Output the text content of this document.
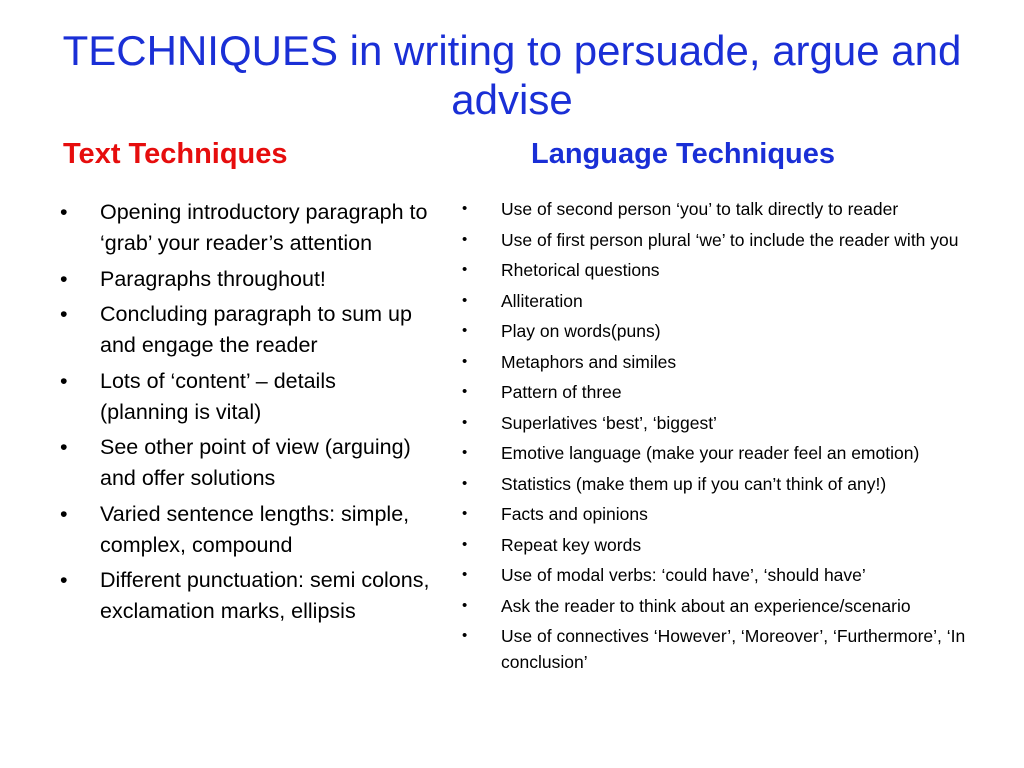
TECHNIQUES in writing to persuade, argue and advise
Text Techniques	Language Techniques
• Opening introductory paragraph to ‘grab’ your reader’s attention
• Paragraphs throughout!
• Concluding paragraph to sum up and engage the reader
• Lots of ‘content’ – details (planning is vital)
• See other point of view (arguing) and offer solutions
• Varied sentence lengths: simple, complex, compound
• Different punctuation: semi colons, exclamation marks, ellipsis
• Use of second person ‘you’ to talk directly to reader
• Use of first person plural ‘we’ to include the reader with you
• Rhetorical questions
• Alliteration
• Play on words(puns)
• Metaphors and similes
• Pattern of three
• Superlatives ‘best’, ‘biggest’
• Emotive language (make your reader feel an emotion)
• Statistics (make them up if you can’t think of any!)
• Facts and opinions
• Repeat key words
• Use of modal verbs: ‘could have’, ‘should have’
• Ask the reader to think about an experience/scenario
• Use of connectives ‘However’, ‘Moreover’, ‘Furthermore’, ‘In conclusion’
